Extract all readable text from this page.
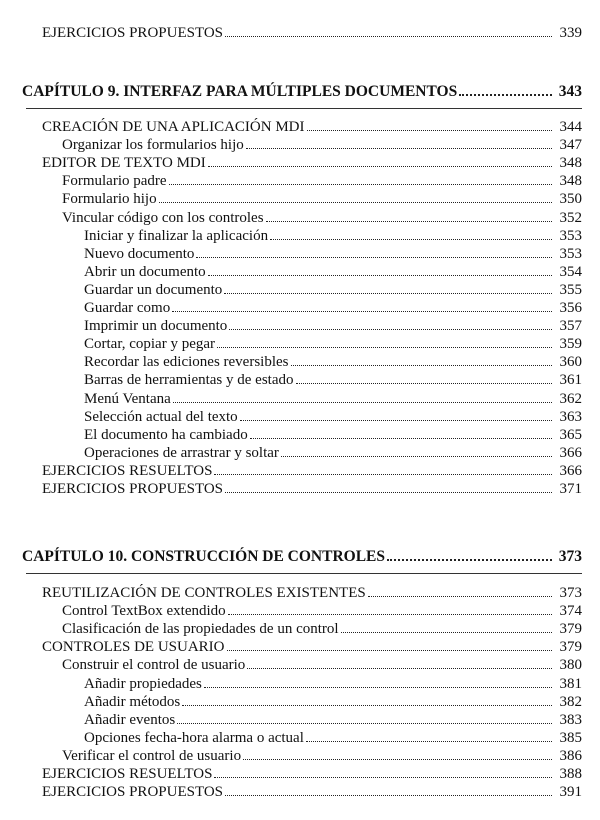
EJERCICIOS PROPUESTOS	339
CAPÍTULO 9. INTERFAZ PARA MÚLTIPLES DOCUMENTOS	343
CREACIÓN DE UNA APLICACIÓN MDI	344
Organizar los formularios hijo	347
EDITOR DE TEXTO MDI	348
Formulario padre	348
Formulario hijo	350
Vincular código con los controles	352
Iniciar y finalizar la aplicación	353
Nuevo documento	353
Abrir un documento	354
Guardar un documento	355
Guardar como	356
Imprimir un documento	357
Cortar, copiar y pegar	359
Recordar las ediciones reversibles	360
Barras de herramientas y de estado	361
Menú Ventana	362
Selección actual del texto	363
El documento ha cambiado	365
Operaciones de arrastrar y soltar	366
EJERCICIOS RESUELTOS	366
EJERCICIOS PROPUESTOS	371
CAPÍTULO 10. CONSTRUCCIÓN DE CONTROLES	373
REUTILIZACIÓN DE CONTROLES EXISTENTES	373
Control TextBox extendido	374
Clasificación de las propiedades de un control	379
CONTROLES DE USUARIO	379
Construir el control de usuario	380
Añadir propiedades	381
Añadir métodos	382
Añadir eventos	383
Opciones fecha-hora alarma o actual	385
Verificar el control de usuario	386
EJERCICIOS RESUELTOS	388
EJERCICIOS PROPUESTOS	391
